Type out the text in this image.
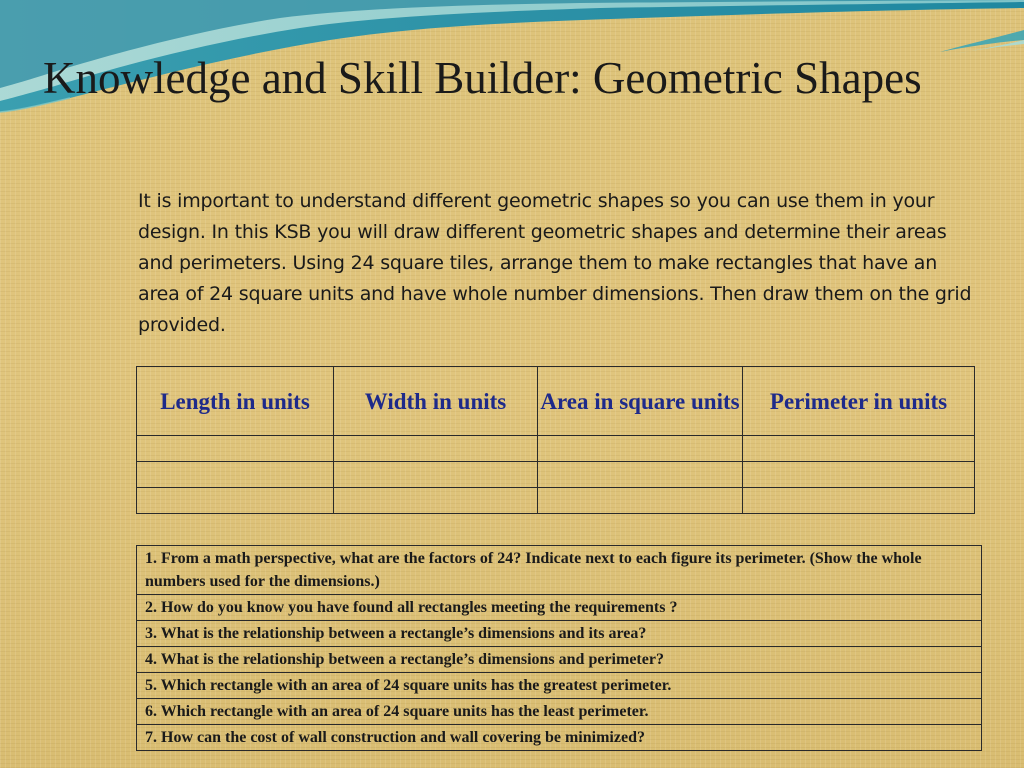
Knowledge and Skill Builder: Geometric Shapes

It is important to understand different geometric shapes so you can use them in your design. In this KSB you will draw different geometric shapes and determine their areas and perimeters. Using 24 square tiles, arrange them to make rectangles that have an area of 24 square units and have whole number dimensions. Then draw them on the grid provided.

Length in units	Width in units	Area in square units	Perimeter in units

1. From a math perspective, what are the factors of 24? Indicate next to each figure its perimeter. (Show the whole numbers used for the dimensions.)
2. How do you know you have found all rectangles meeting the requirements ?
3. What is the relationship between a rectangle’s dimensions and its area?
4. What is the relationship between a rectangle’s dimensions and perimeter?
5. Which rectangle with an area of 24 square units has the greatest perimeter.
6. Which rectangle with an area of 24 square units has the least perimeter.
7. How can the cost of wall construction and wall covering be minimized?
